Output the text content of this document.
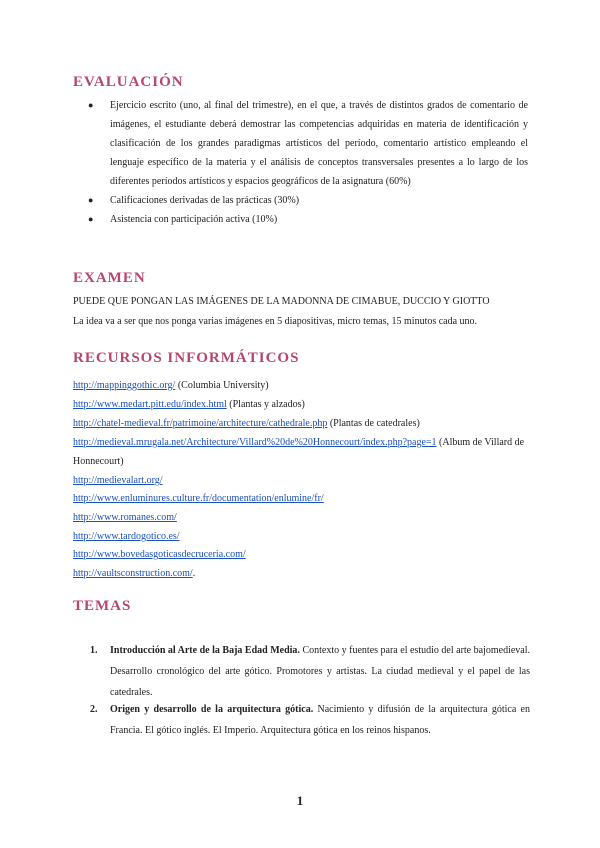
EVALUACIÓN
● Ejercicio escrito (uno, al final del trimestre), en el que, a través de distintos grados de comentario de imágenes, el estudiante deberá demostrar las competencias adquiridas en materia de identificación y clasificación de los grandes paradigmas artísticos del período, comentario artístico empleando el lenguaje específico de la materia y el análisis de conceptos transversales presentes a lo largo de los diferentes períodos artísticos y espacios geográficos de la asignatura (60%)
● Calificaciones derivadas de las prácticas (30%)
● Asistencia con participación activa (10%)
EXAMEN

PUEDE QUE PONGAN LAS IMÁGENES DE LA MADONNA DE CIMABUE, DUCCIO Y GIOTTO

La idea va a ser que nos ponga varias imágenes en 5 diapositivas, micro temas, 15 minutos cada uno.

RECURSOS INFORMÁTICOS

http://mappinggothic.org/ (Columbia University)

http://www.medart.pitt.edu/index.html (Plantas y alzados)

http://chatel-medieval.fr/patrimoine/architecture/cathedrale.php (Plantas de catedrales)

http://medieval.mrugala.net/Architecture/Villard%20de%20Honnecourt/index.php?page=1 (Album de Villard de Honnecourt)

http://medievalart.org/

http://www.enluminures.culture.fr/documentation/enlumine/fr/

http://www.romanes.com/

http://www.tardogotico.es/

http://www.bovedasgoticasdecruceria.com/

http://vaultsconstruction.com/.

TEMAS
1. Introducción al Arte de la Baja Edad Media. Contexto y fuentes para el estudio del arte bajomedieval. Desarrollo cronológico del arte gótico. Promotores y artistas. La ciudad medieval y el papel de las catedrales.
2. Origen y desarrollo de la arquitectura gótica. Nacimiento y difusión de la arquitectura gótica en Francia. El gótico inglés. El Imperio. Arquitectura gótica en los reinos hispanos.
1
